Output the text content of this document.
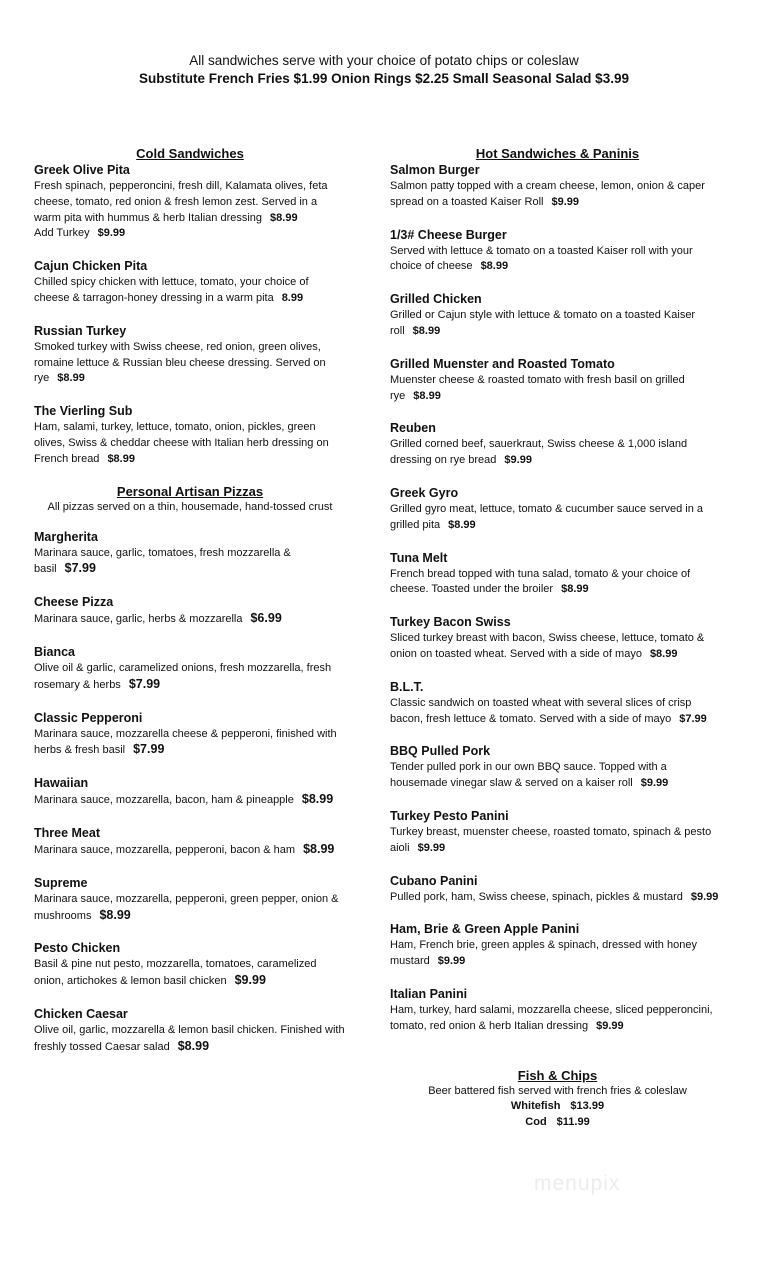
All sandwiches serve with your choice of potato chips or coleslaw
Substitute French Fries $1.99 Onion Rings $2.25 Small Seasonal Salad $3.99
Cold Sandwiches
Greek Olive Pita
Fresh spinach, pepperoncini, fresh dill, Kalamata olives, feta cheese, tomato, red onion & fresh lemon zest. Served in a warm pita with hummus & herb Italian dressing $8.99
Add Turkey $9.99
Cajun Chicken Pita
Chilled spicy chicken with lettuce, tomato, your choice of cheese & tarragon-honey dressing in a warm pita 8.99
Russian Turkey
Smoked turkey with Swiss cheese, red onion, green olives, romaine lettuce & Russian bleu cheese dressing. Served on rye $8.99
The Vierling Sub
Ham, salami, turkey, lettuce, tomato, onion, pickles, green olives, Swiss & cheddar cheese with Italian herb dressing on French bread $8.99
Personal Artisan Pizzas
All pizzas served on a thin, housemade, hand-tossed crust
Margherita
Marinara sauce, garlic, tomatoes, fresh mozzarella & basil $7.99
Cheese Pizza
Marinara sauce, garlic, herbs & mozzarella $6.99
Bianca
Olive oil & garlic, caramelized onions, fresh mozzarella, fresh rosemary & herbs $7.99
Classic Pepperoni
Marinara sauce, mozzarella cheese & pepperoni, finished with herbs & fresh basil $7.99
Hawaiian
Marinara sauce, mozzarella, bacon, ham & pineapple $8.99
Three Meat
Marinara sauce, mozzarella, pepperoni, bacon & ham $8.99
Supreme
Marinara sauce, mozzarella, pepperoni, green pepper, onion & mushrooms $8.99
Pesto Chicken
Basil & pine nut pesto, mozzarella, tomatoes, caramelized onion, artichokes & lemon basil chicken $9.99
Chicken Caesar
Olive oil, garlic, mozzarella & lemon basil chicken. Finished with freshly tossed Caesar salad $8.99
Hot Sandwiches & Paninis
Salmon Burger
Salmon patty topped with a cream cheese, lemon, onion & caper spread on a toasted Kaiser Roll $9.99
1/3# Cheese Burger
Served with lettuce & tomato on a toasted Kaiser roll with your choice of cheese $8.99
Grilled Chicken
Grilled or Cajun style with lettuce & tomato on a toasted Kaiser roll $8.99
Grilled Muenster and Roasted Tomato
Muenster cheese & roasted tomato with fresh basil on grilled rye $8.99
Reuben
Grilled corned beef, sauerkraut, Swiss cheese & 1,000 island dressing on rye bread $9.99
Greek Gyro
Grilled gyro meat, lettuce, tomato & cucumber sauce served in a grilled pita $8.99
Tuna Melt
French bread topped with tuna salad, tomato & your choice of cheese. Toasted under the broiler $8.99
Turkey Bacon Swiss
Sliced turkey breast with bacon, Swiss cheese, lettuce, tomato & onion on toasted wheat. Served with a side of mayo $8.99
B.L.T.
Classic sandwich on toasted wheat with several slices of crisp bacon, fresh lettuce & tomato. Served with a side of mayo $7.99
BBQ Pulled Pork
Tender pulled pork in our own BBQ sauce. Topped with a housemade vinegar slaw & served on a kaiser roll $9.99
Turkey Pesto Panini
Turkey breast, muenster cheese, roasted tomato, spinach & pesto aioli $9.99
Cubano Panini
Pulled pork, ham, Swiss cheese, spinach, pickles & mustard $9.99
Ham, Brie & Green Apple Panini
Ham, French brie, green apples & spinach, dressed with honey mustard $9.99
Italian Panini
Ham, turkey, hard salami, mozzarella cheese, sliced pepperoncini, tomato, red onion & herb Italian dressing $9.99
Fish & Chips
Beer battered fish served with french fries & coleslaw
Whitefish $13.99
Cod $11.99
menupix
